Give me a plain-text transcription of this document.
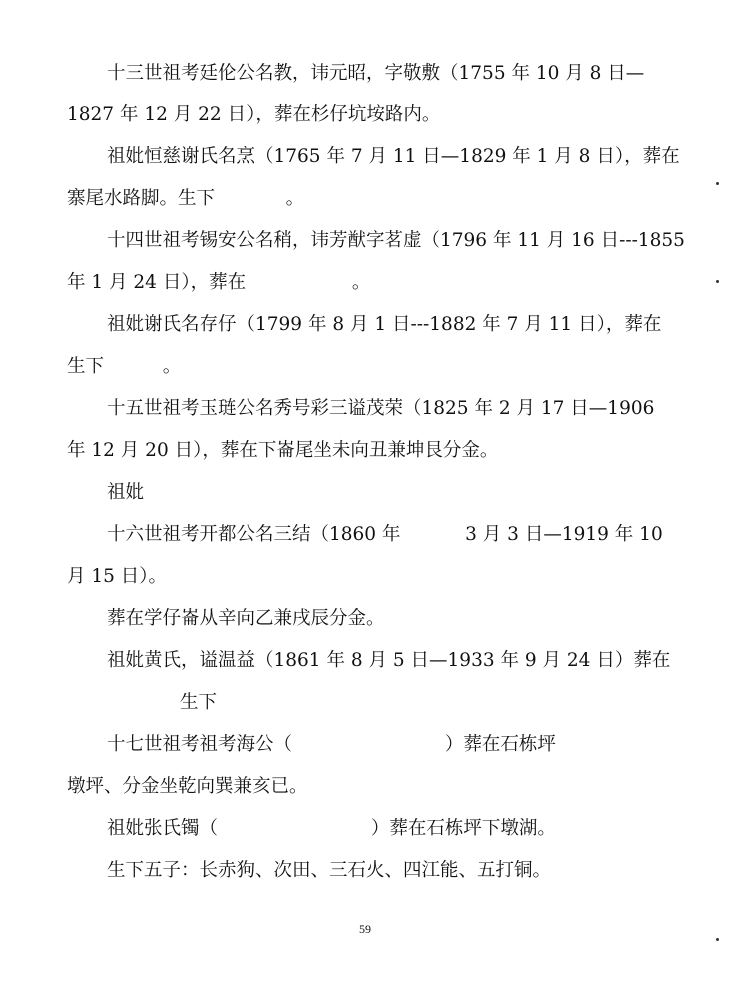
十三世祖考廷伦公名教，讳元昭，字敬敷（1755 年 10 月 8 日—
1827 年 12 月 22 日），葬在杉仔坑垵路内。
祖妣恒慈谢氏名烹（1765 年 7 月 11 日—1829 年 1 月 8 日），葬在
寨尾水路脚。生下            。
十四世祖考锡安公名稍，讳芳猷字茗虚（1796 年 11 月 16 日---1855
年 1 月 24 日），葬在                  。
祖妣谢氏名存仔（1799 年 8 月 1 日---1882 年 7 月 11 日），葬在
生下          。
十五世祖考玉琏公名秀号彩三谥茂荣（1825 年 2 月 17 日—1906
年 12 月 20 日），葬在下崙尾坐未向丑兼坤艮分金。
祖妣
十六世祖考开都公名三结（1860 年           3 月 3 日—1919 年 10
月 15 日）。
葬在学仔崙从辛向乙兼戌辰分金。
祖妣黄氏，谥温益（1861 年 8 月 5 日—1933 年 9 月 24 日）葬在
生下
十七世祖考祖考海公（                          ）葬在石栋坪
墩坪、分金坐乾向巽兼亥已。
祖妣张氏镯（                          ）葬在石栋坪下墩湖。
生下五子：长赤狗、次田、三石火、四江能、五打铜。
59
